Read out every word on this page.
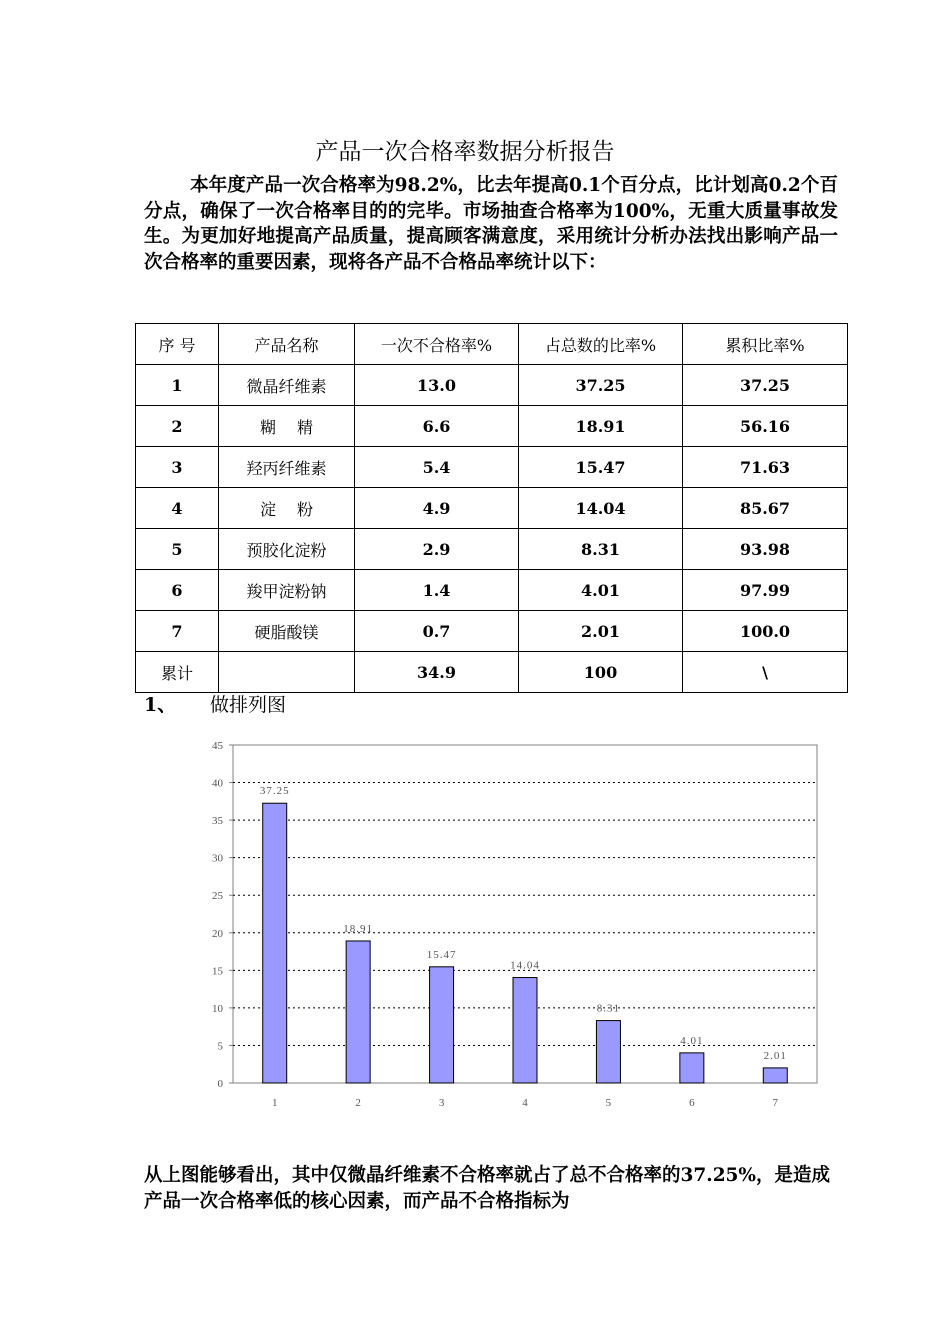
产品一次合格率数据分析报告
本年度产品一次合格率为98.2%，比去年提高0.1个百分点，比计划高0.2个百分点，确保了一次合格率目的的完毕。市场抽查合格率为100%，无重大质量事故发生。为更加好地提高产品质量，提高顾客满意度，采用统计分析办法找出影响产品一次合格率的重要因素，现将各产品不合格品率统计以下：
序 号	产品名称	一次不合格率%	占总数的比率%	累积比率%
1	微晶纤维素	13.0	37.25	37.25
2	糊　 精	6.6	18.91	56.16
3	羟丙纤维素	5.4	15.47	71.63
4	淀　 粉	4.9	14.04	85.67
5	预胶化淀粉	2.9	8.31	93.98
6	羧甲淀粉钠	1.4	4.01	97.99
7	硬脂酸镁	0.7	2.01	100.0
累计		34.9	100	\
1、 做排列图
0
5
10
15
20
25
30
35
40
45
37.25
1
18.91
2
15.47
3
14.04
4
8.31
5
4.01
6
2.01
7
从上图能够看出，其中仅微晶纤维素不合格率就占了总不合格率的37.25%，是造成产品一次合格率低的核心因素，而产品不合格指标为
